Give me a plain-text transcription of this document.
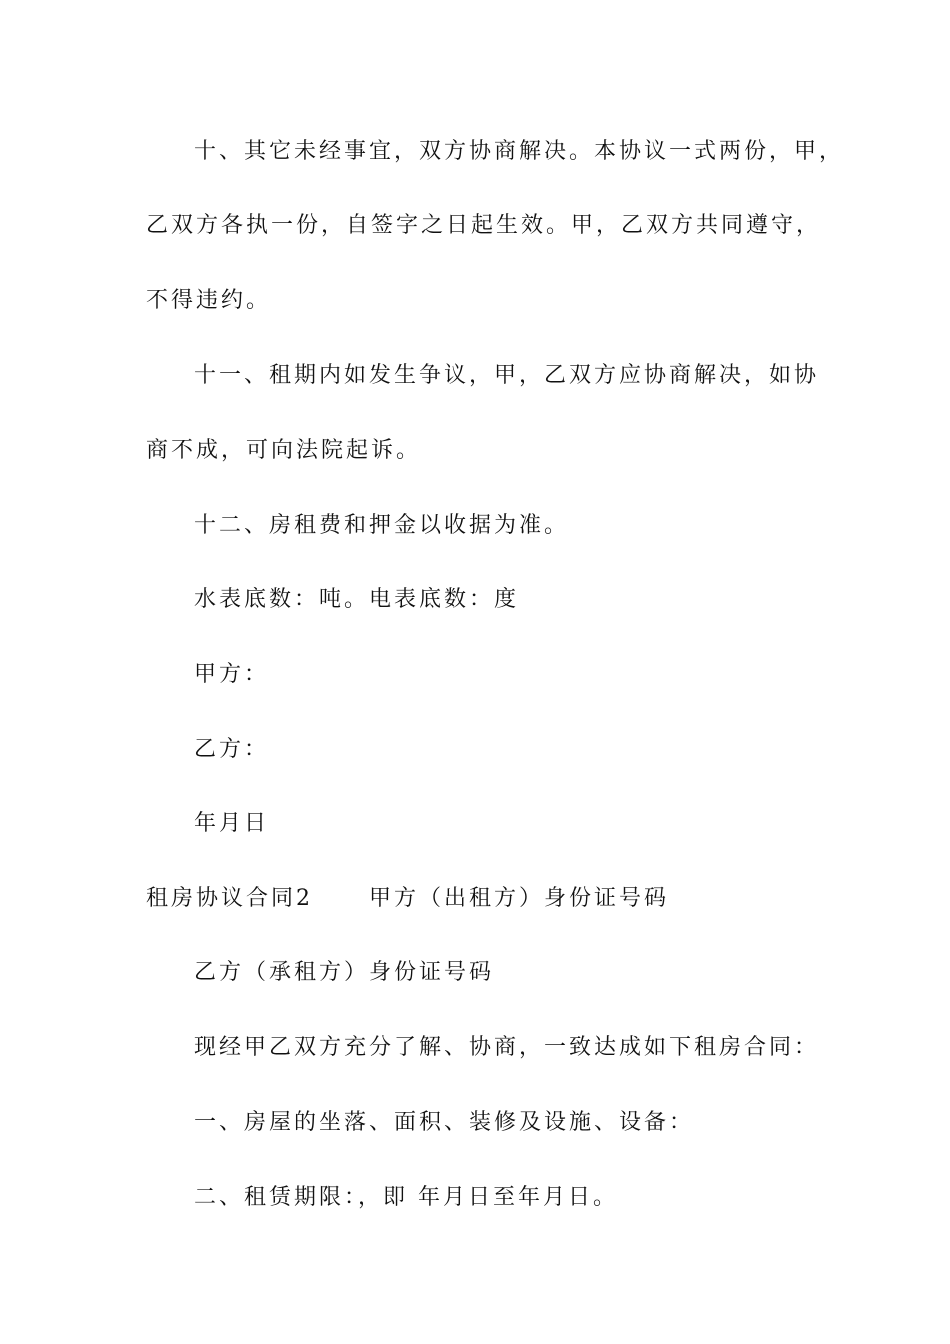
十、其它未经事宜，双方协商解决。本协议一式两份，甲，
乙双方各执一份，自签字之日起生效。甲，乙双方共同遵守，
不得违约。
十一、租期内如发生争议，甲，乙双方应协商解决，如协
商不成，可向法院起诉。
十二、房租费和押金以收据为准。
水表底数：吨。电表底数：度
甲方：
乙方：
年月日
租房协议合同2	甲方（出租方）身份证号码
乙方（承租方）身份证号码
现经甲乙双方充分了解、协商，一致达成如下租房合同：
一、房屋的坐落、面积、装修及设施、设备：
二、租赁期限：，即 年月日至年月日。
